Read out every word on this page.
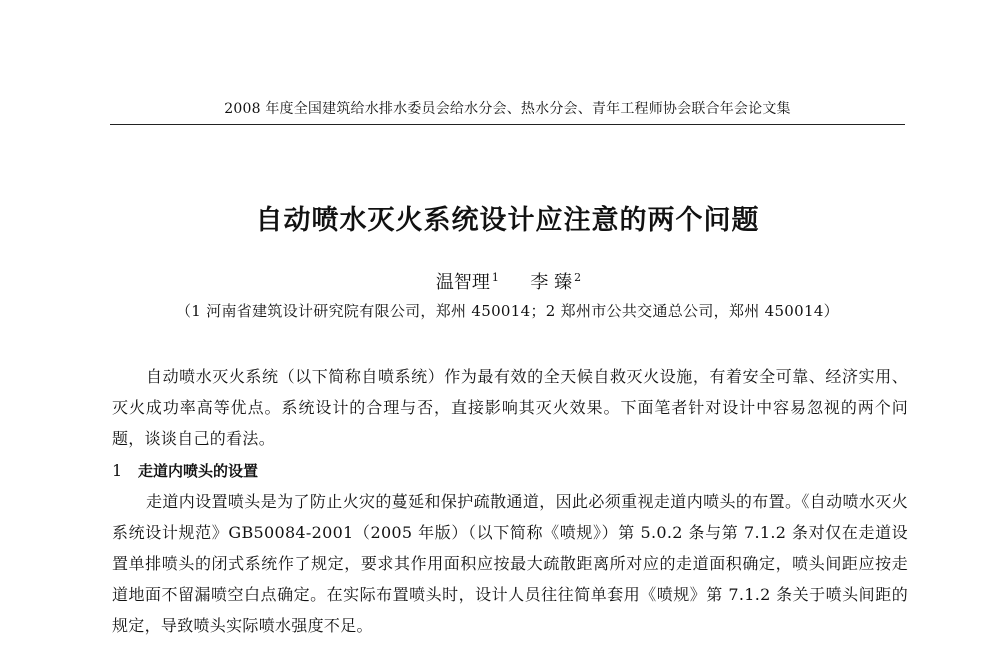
2008 年度全国建筑给水排水委员会给水分会、热水分会、青年工程师协会联合年会论文集
自动喷水灭火系统设计应注意的两个问题
温智理 $^1$ 李 臻 $^2$
（1 河南省建筑设计研究院有限公司，郑州 450014；2 郑州市公共交通总公司，郑州 450014）
自动喷水灭火系统（以下简称自喷系统）作为最有效的全天候自救灭火设施，有着安全可靠、经济实用、灭火成功率高等优点。系统设计的合理与否，直接影响其灭火效果。下面笔者针对设计中容易忽视的两个问题，谈谈自己的看法。
1 走道内喷头的设置
走道内设置喷头是为了防止火灾的蔓延和保护疏散通道，因此必须重视走道内喷头的布置。《自动喷水灭火系统设计规范》GB50084-2001（2005 年版）（以下简称《喷规》）第 5.0.2 条与第 7.1.2 条对仅在走道设置单排喷头的闭式系统作了规定，要求其作用面积应按最大疏散距离所对应的走道面积确定，喷头间距应按走道地面不留漏喷空白点确定。在实际布置喷头时，设计人员往往简单套用《喷规》第 7.1.2 条关于喷头间距的规定，导致喷头实际喷水强度不足。
